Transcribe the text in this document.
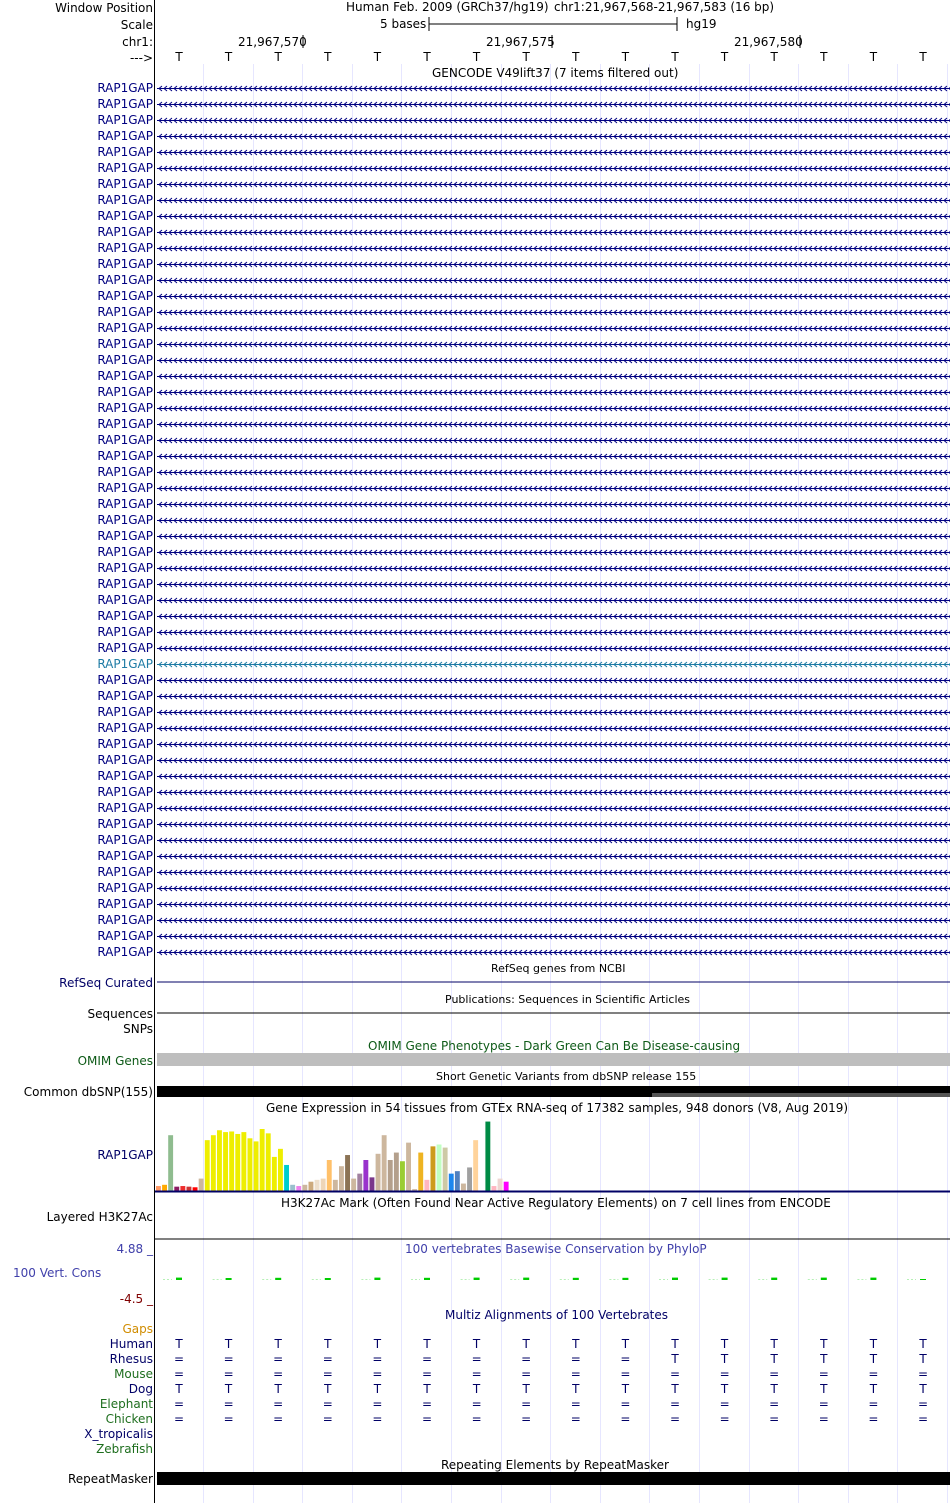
Window Position	Human Feb. 2009 (GRCh37/hg19) chr1:21,967,568-21,967,583 (16 bp)
Scale	5 bases	hg19
chr1:	21,967,570	21,967,575	21,967,580
---> T	T	T	T	T	T	T	T	T	T	T	T	T	T	T	T
GENCODE V49lift37 (7 items filtered out)
RAP1GAP
RAP1GAP
RAP1GAP
RAP1GAP
RAP1GAP
RAP1GAP
RAP1GAP
RAP1GAP
RAP1GAP
RAP1GAP
RAP1GAP
RAP1GAP
RAP1GAP
RAP1GAP
RAP1GAP
RAP1GAP
RAP1GAP
RAP1GAP
RAP1GAP
RAP1GAP
RAP1GAP
RAP1GAP
RAP1GAP
RAP1GAP
RAP1GAP
RAP1GAP
RAP1GAP
RAP1GAP
RAP1GAP
RAP1GAP
RAP1GAP
RAP1GAP
RAP1GAP
RAP1GAP
RAP1GAP
RAP1GAP
RAP1GAP
RAP1GAP
RAP1GAP
RAP1GAP
RAP1GAP
RAP1GAP
RAP1GAP
RAP1GAP
RAP1GAP
RAP1GAP
RAP1GAP
RAP1GAP
RAP1GAP
RAP1GAP
RAP1GAP
RAP1GAP
RAP1GAP
RAP1GAP
RAP1GAP
RefSeq genes from NCBI
RefSeq Curated
Publications: Sequences in Scientific Articles
Sequences
SNPs
OMIM Gene Phenotypes - Dark Green Can Be Disease-causing
OMIM Genes
Short Genetic Variants from dbSNP release 155
Common dbSNP(155)
Gene Expression in 54 tissues from GTEx RNA-seq of 17382 samples, 948 donors (V8, Aug 2019)
RAP1GAP
H3K27Ac Mark (Often Found Near Active Regulatory Elements) on 7 cell lines from ENCODE
Layered H3K27Ac
100 vertebrates Basewise Conservation by PhyloP
4.88 _
100 Vert. Cons
-4.5 _
Multiz Alignments of 100 Vertebrates
Gaps
Human T	T	T	T	T	T	T	T	T	T	T	T	T	T	T	T
Rhesus =	=	=	=	=	=	=	=	=	=	T	T	T	T	T	T
Mouse =	=	=	=	=	=	=	=	=	=	=	=	=	=	=	=
Dog T	T	T	T	T	T	T	T	T	T	T	T	T	T	T	T
Elephant =	=	=	=	=	=	=	=	=	=	=	=	=	=	=	=
Chicken =	=	=	=	=	=	=	=	=	=	=	=	=	=	=	=
X_tropicalis
Zebrafish
Repeating Elements by RepeatMasker
RepeatMasker
